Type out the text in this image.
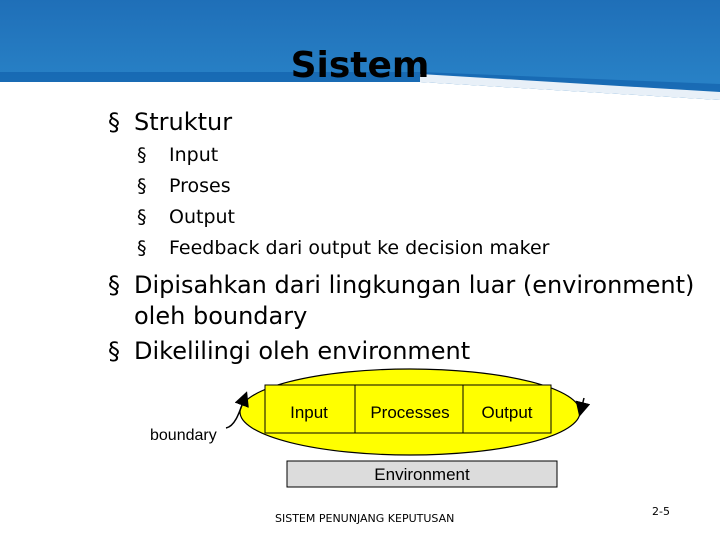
Sistem
§ Struktur
§ Input
§ Proses
§ Output
§ Feedback dari output ke decision maker
§ Dipisahkan dari lingkungan luar (environment)
oleh boundary
§ Dikelilingi oleh environment
Input Processes Output
boundary
Environment
SISTEM PENUNJANG KEPUTUSAN
2-5
